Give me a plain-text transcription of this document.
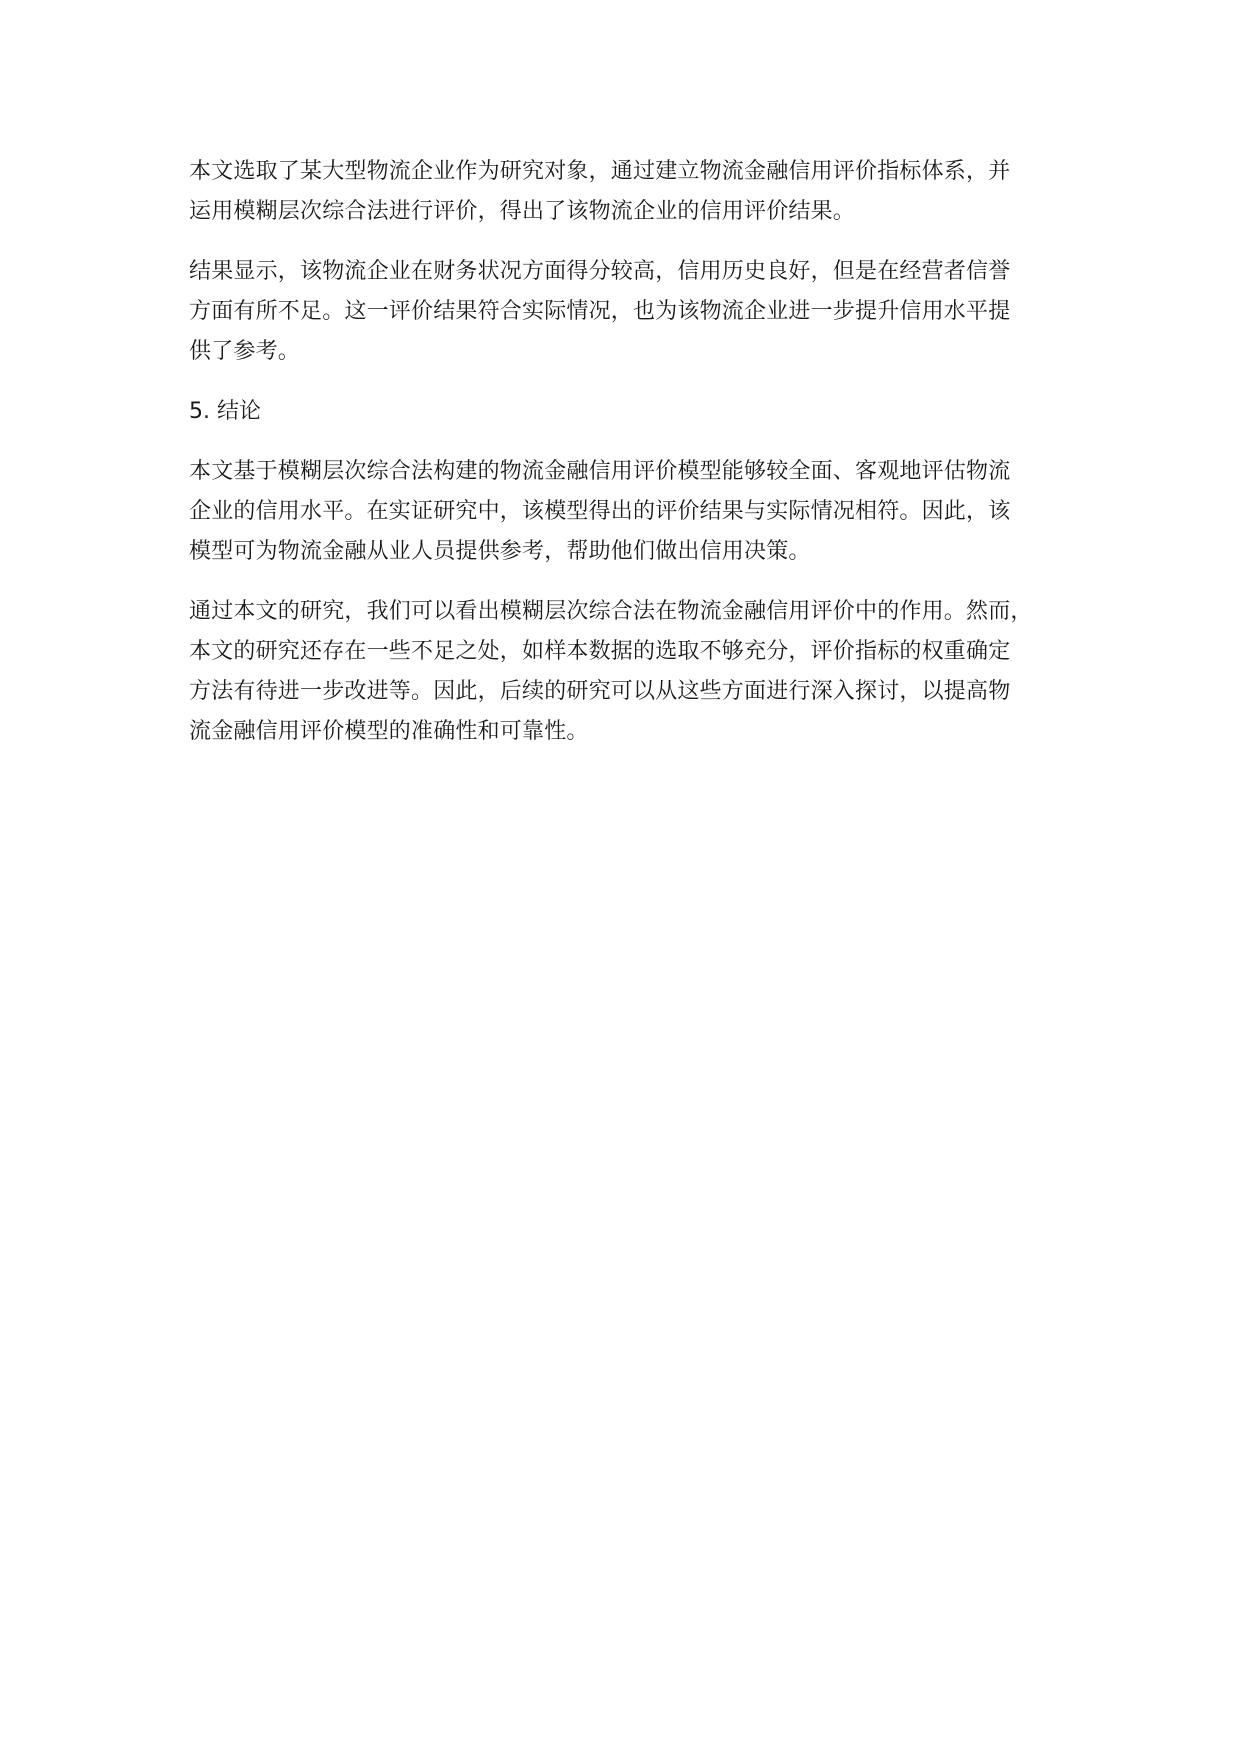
本文选取了某大型物流企业作为研究对象，通过建立物流金融信用评价指标体系，并
运用模糊层次综合法进行评价，得出了该物流企业的信用评价结果。

结果显示，该物流企业在财务状况方面得分较高，信用历史良好，但是在经营者信誉
方面有所不足。这一评价结果符合实际情况，也为该物流企业进一步提升信用水平提
供了参考。

5. 结论

本文基于模糊层次综合法构建的物流金融信用评价模型能够较全面、客观地评估物流
企业的信用水平。在实证研究中，该模型得出的评价结果与实际情况相符。因此，该
模型可为物流金融从业人员提供参考，帮助他们做出信用决策。

通过本文的研究，我们可以看出模糊层次综合法在物流金融信用评价中的作用。然而，
本文的研究还存在一些不足之处，如样本数据的选取不够充分，评价指标的权重确定
方法有待进一步改进等。因此，后续的研究可以从这些方面进行深入探讨，以提高物
流金融信用评价模型的准确性和可靠性。
